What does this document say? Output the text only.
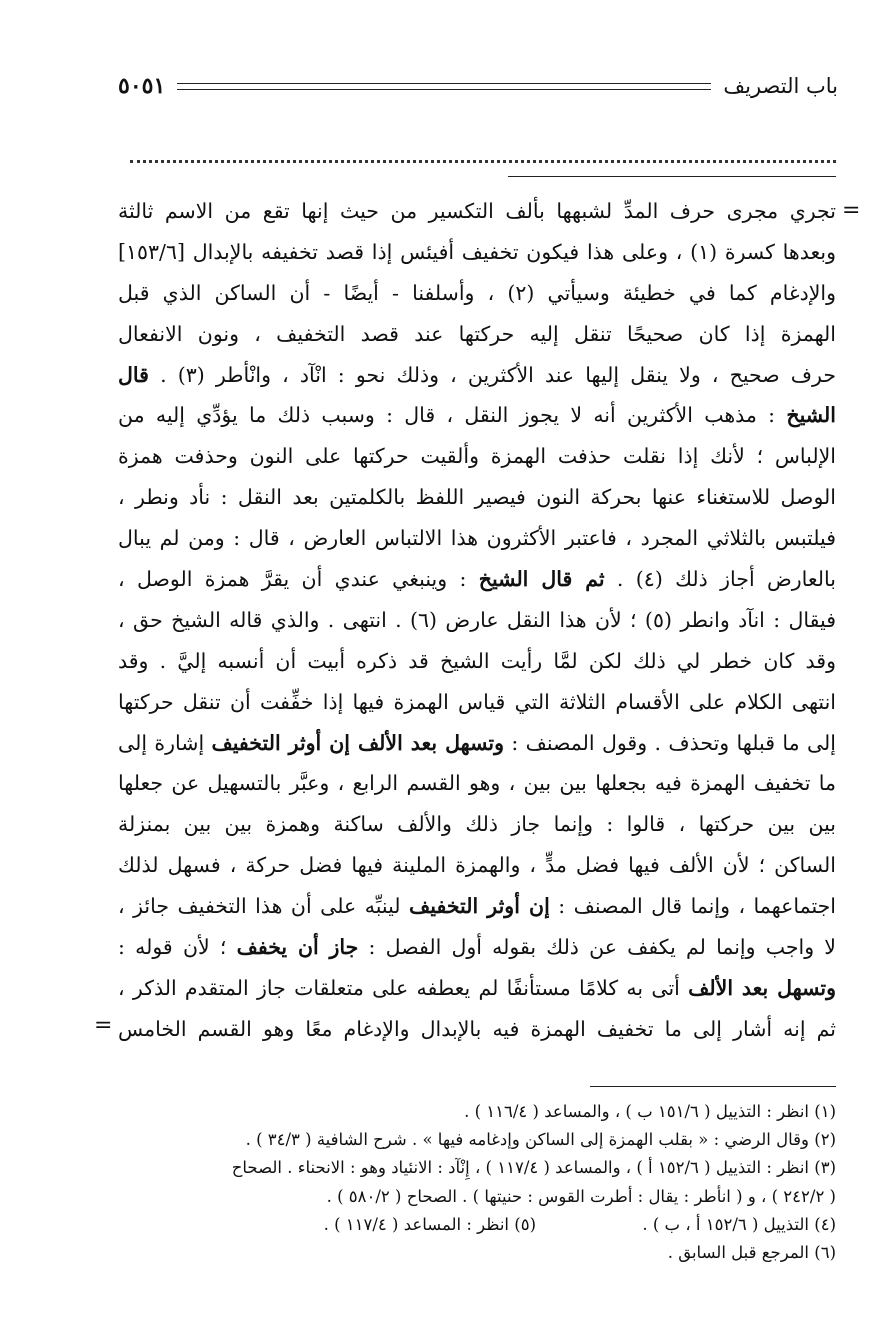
باب التصريف
٥٠٥١
=
=
تجري مجرى حرف المدِّ لشبهها بألف التكسير من حيث إنها تقع من الاسم ثالثة
وبعدها كسرة (١) ، وعلى هذا فيكون تخفيف أفيئس إذا قصد تخفيفه بالإبدال [١٥٣/٦]
والإدغام كما في خطيئة وسيأتي (٢) ، وأسلفنا - أيضًا - أن الساكن الذي قبل
الهمزة إذا كان صحيحًا تنقل إليه حركتها عند قصد التخفيف ، ونون الانفعال
حرف صحيح ، ولا ينقل إليها عند الأكثرين ، وذلك نحو : انْآد ، وانْأطر (٣) . قال
الشيخ : مذهب الأكثرين أنه لا يجوز النقل ، قال : وسبب ذلك ما يؤدِّي إليه من
الإلباس ؛ لأنك إذا نقلت حذفت الهمزة وألقيت حركتها على النون وحذفت همزة
الوصل للاستغناء عنها بحركة النون فيصير اللفظ بالكلمتين بعد النقل : نأد ونطر ،
فيلتبس بالثلاثي المجرد ، فاعتبر الأكثرون هذا الالتباس العارض ، قال : ومن لم يبال
بالعارض أجاز ذلك (٤) . ثم قال الشيخ : وينبغي عندي أن يقرَّ همزة الوصل ،
فيقال : انآد وانطر (٥) ؛ لأن هذا النقل عارض (٦) . انتهى . والذي قاله الشيخ حق ،
وقد كان خطر لي ذلك لكن لمَّا رأيت الشيخ قد ذكره أبيت أن أنسبه إليَّ . وقد
انتهى الكلام على الأقسام الثلاثة التي قياس الهمزة فيها إذا خفِّفت أن تنقل حركتها
إلى ما قبلها وتحذف . وقول المصنف : وتسهل بعد الألف إن أوثر التخفيف إشارة إلى
ما تخفيف الهمزة فيه بجعلها بين بين ، وهو القسم الرابع ، وعبَّر بالتسهيل عن جعلها
بين بين حركتها ، قالوا : وإنما جاز ذلك والألف ساكنة وهمزة بين بين بمنزلة
الساكن ؛ لأن الألف فيها فضل مدٍّ ، والهمزة الملينة فيها فضل حركة ، فسهل لذلك
اجتماعهما ، وإنما قال المصنف : إن أوثر التخفيف لينبِّه على أن هذا التخفيف جائز ،
لا واجب وإنما لم يكفف عن ذلك بقوله أول الفصل : جاز أن يخفف ؛ لأن قوله :
وتسهل بعد الألف أتى به كلامًا مستأنفًا لم يعطفه على متعلقات جاز المتقدم الذكر ،
ثم إنه أشار إلى ما تخفيف الهمزة فيه بالإبدال والإدغام معًا وهو القسم الخامس
(١) انظر : التذييل ( ١٥١/٦ ب ) ، والمساعد ( ١١٦/٤ ) .
(٢) وقال الرضي : « بقلب الهمزة إلى الساكن وإدغامه فيها » . شرح الشافية ( ٣٤/٣ ) .
(٣) انظر : التذييل ( ١٥٢/٦ أ ) ، والمساعد ( ١١٧/٤ ) ، إِنْآد : الانئياد وهو : الانحناء . الصحاح
( ٢٤٢/٢ ) ، و ( انأطر : يقال : أطرت القوس : حنيتها ) . الصحاح ( ٥٨٠/٢ ) .
(٤) التذييل ( ١٥٢/٦ أ ، ب ) .
(٥) انظر : المساعد ( ١١٧/٤ ) .
(٦) المرجع قبل السابق .
